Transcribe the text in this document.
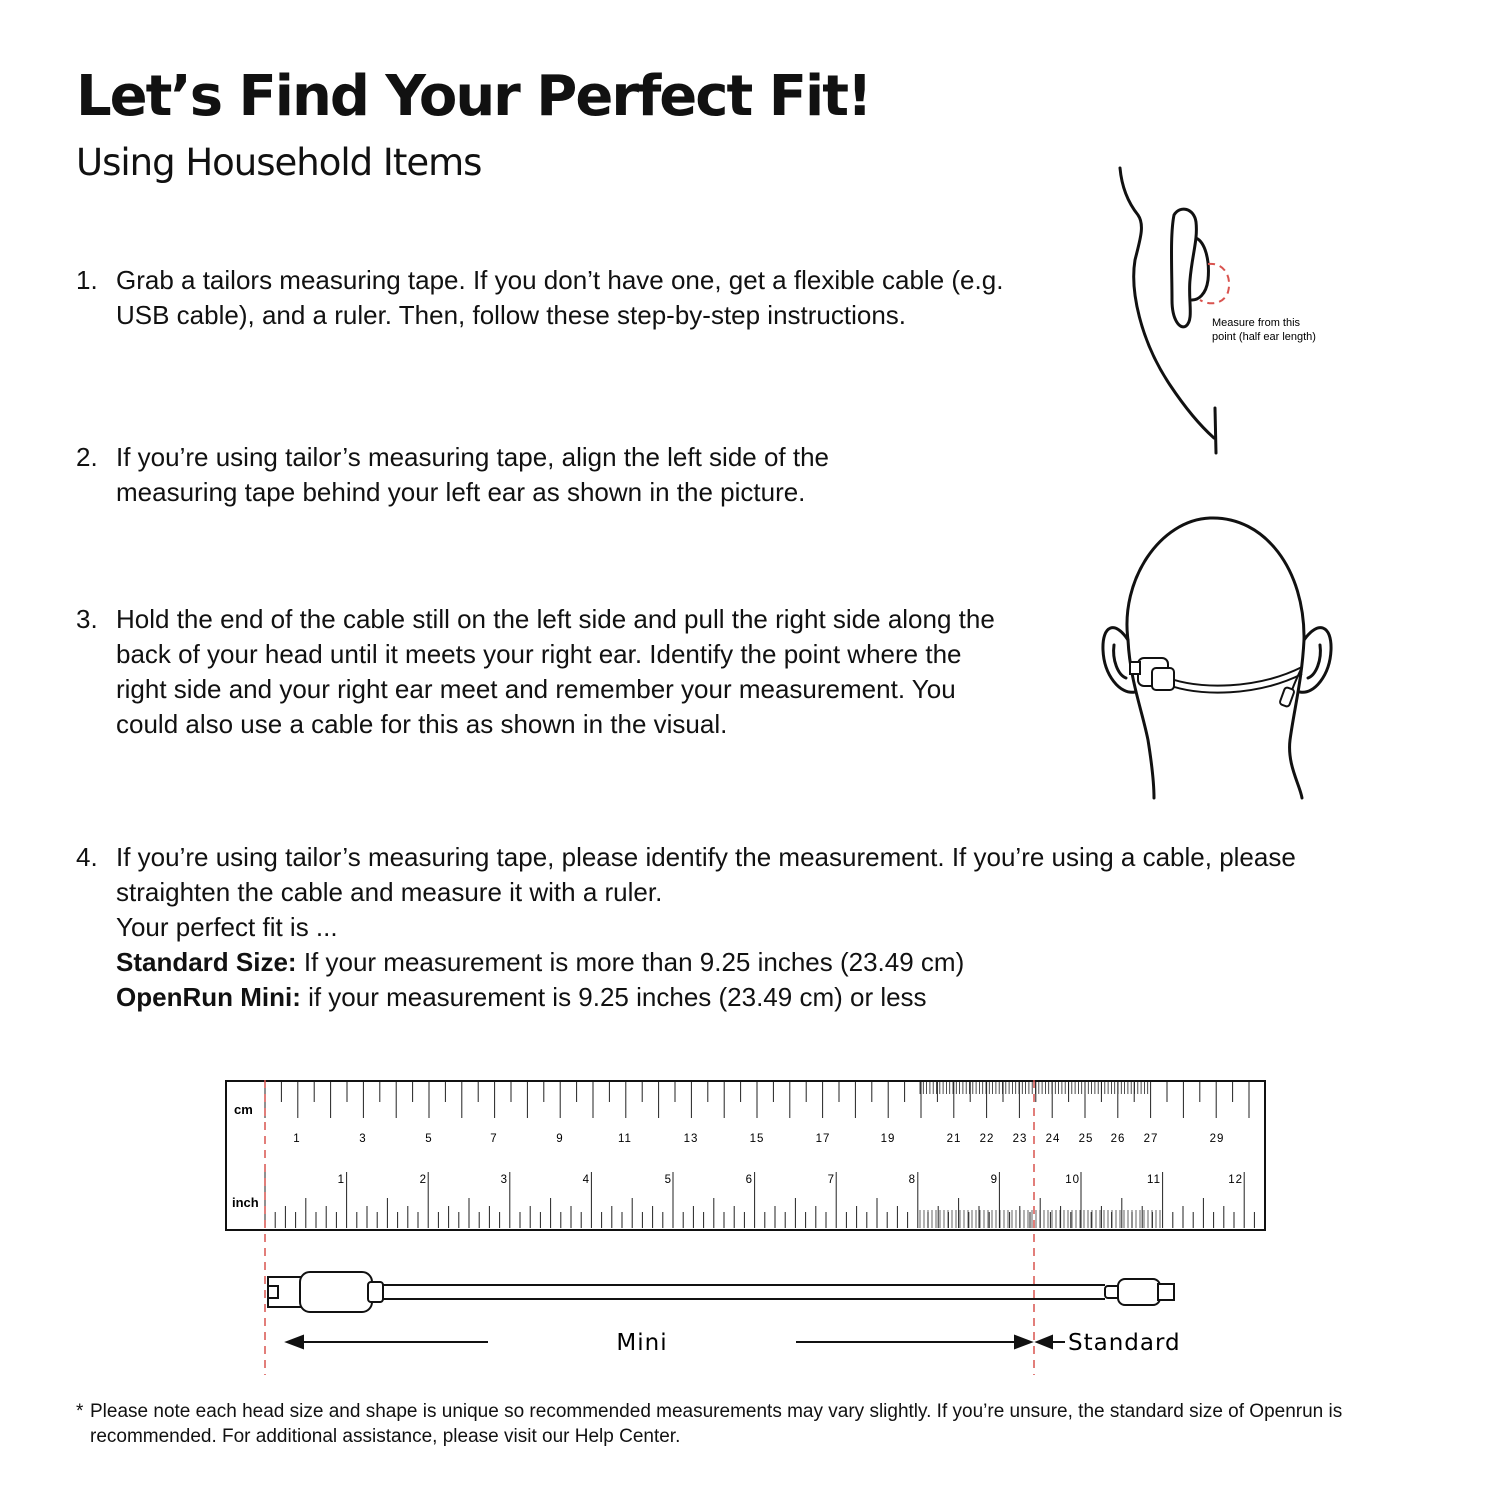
Let’s Find Your Perfect Fit!
Using Household Items
1. Grab a tailors measuring tape. If you don’t have one, get a flexible cable (e.g. USB cable), and a ruler. Then, follow these step-by-step instructions.
2. If you’re using tailor’s measuring tape, align the left side of the measuring tape behind your left ear as shown in the picture.
3. Hold the end of the cable still on the left side and pull the right side along the back of your head until it meets your right ear. Identify the point where the right side and your right ear meet and remember your measurement. You could also use a cable for this as shown in the visual.
4. If you’re using tailor’s measuring tape, please identify the measurement. If you’re using a cable, please straighten the cable and measure it with a ruler.
Your perfect fit is ...
Standard Size: If your measurement is more than 9.25 inches (23.49 cm)
OpenRun Mini: if your measurement is 9.25 inches (23.49 cm) or less
Measure from this
point (half ear length)
cm
inch
1	3	5	7	9	11	13	15	17	19	21 22 23 24 25 26 27	29
1	2	3	4	5	6	7	8	9	10	11	12
Mini	Standard
* Please note each head size and shape is unique so recommended measurements may vary slightly. If you’re unsure, the standard size of Openrun is recommended. For additional assistance, please visit our Help Center.
